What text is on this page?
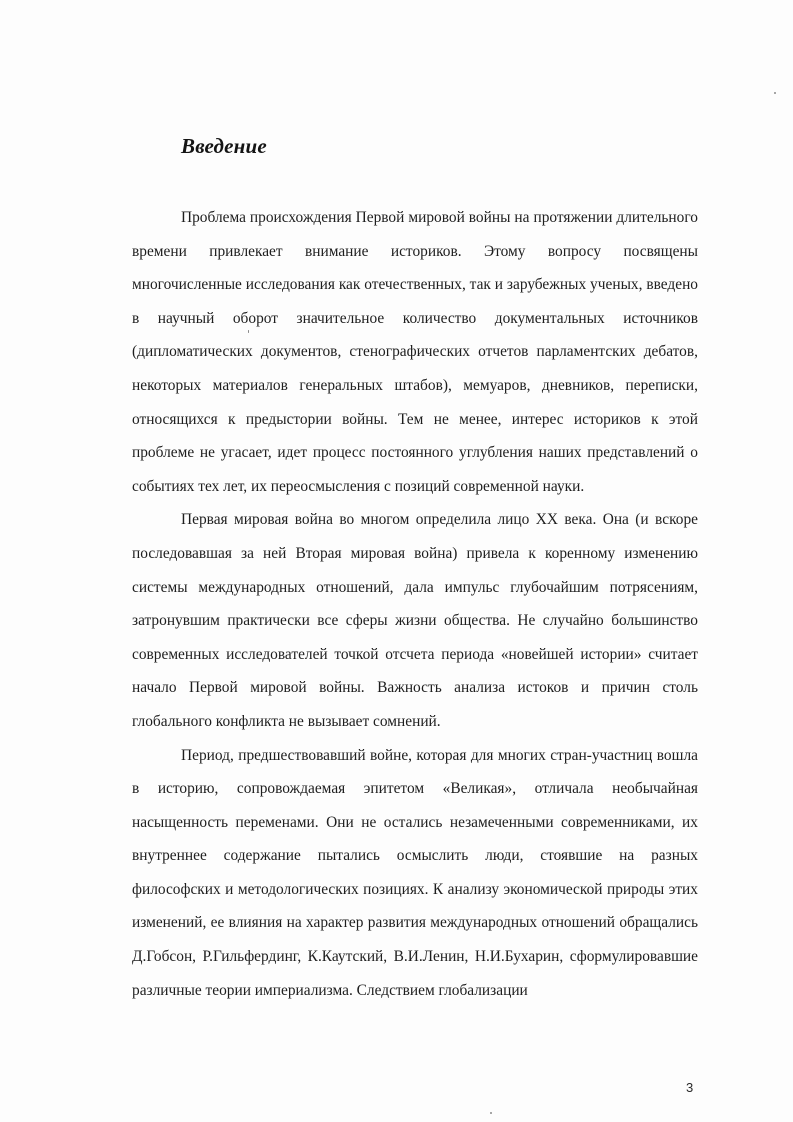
Введение

Проблема происхождения Первой мировой войны на протяжении длительного времени привлекает внимание историков. Этому вопросу посвящены многочисленные исследования как отечественных, так и зарубежных ученых, введено в научный оборот значительное количество документальных источников (дипломатических документов, стенографических отчетов парламентских дебатов, некоторых материалов генеральных штабов), мемуаров, дневников, переписки, относящихся к предыстории войны. Тем не менее, интерес историков к этой проблеме не угасает, идет процесс постоянного углубления наших представлений о событиях тех лет, их переосмысления с позиций современной науки.

Первая мировая война во многом определила лицо XX века. Она (и вскоре последовавшая за ней Вторая мировая война) привела к коренному изменению системы международных отношений, дала импульс глубочайшим потрясениям, затронувшим практически все сферы жизни общества. Не случайно большинство современных исследователей точкой отсчета периода «новейшей истории» считает начало Первой мировой войны. Важность анализа истоков и причин столь глобального конфликта не вызывает сомнений.

Период, предшествовавший войне, которая для многих стран-участниц вошла в историю, сопровождаемая эпитетом «Великая», отличала необычайная насыщенность переменами. Они не остались незамеченными современниками, их внутреннее содержание пытались осмыслить люди, стоявшие на разных философских и методологических позициях. К анализу экономической природы этих изменений, ее влияния на характер развития международных отношений обращались Д.Гобсон, Р.Гильфердинг, К.Каутский, В.И.Ленин, Н.И.Бухарин, сформулировавшие различные теории империализма. Следствием глобализации

3
